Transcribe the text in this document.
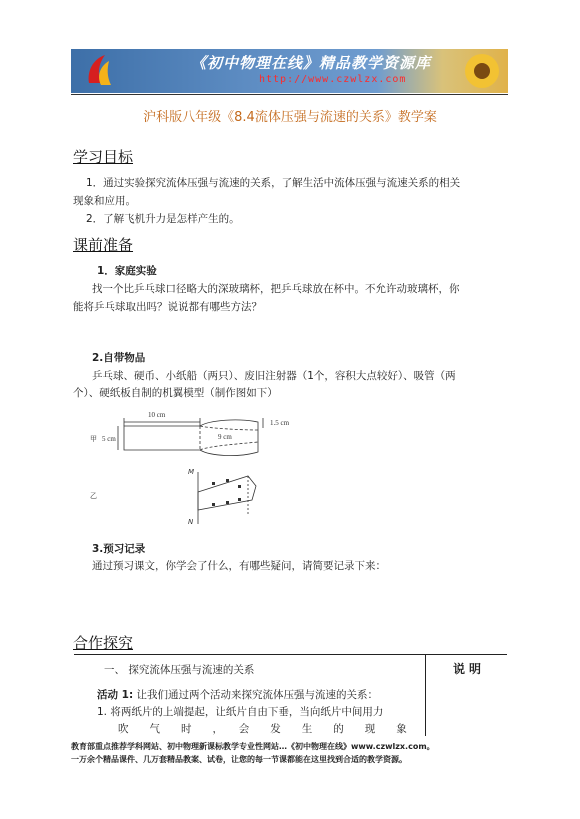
《初中物理在线》精品教学资源库
http://www.czwlzx.com
沪科版八年级《8.4流体压强与流速的关系》教学案
学习目标
1．通过实验探究流体压强与流速的关系，了解生活中流体压强与流速关系的相关
现象和应用。
2．了解飞机升力是怎样产生的。
课前准备
1．家庭实验
找一个比乒乓球口径略大的深玻璃杯，把乒乓球放在杯中。不允许动玻璃杯，你
能将乒乓球取出吗？说说都有哪些方法？
2.自带物品
乒乓球、硬币、小纸船（两只）、废旧注射器（1个，容积大点较好）、吸管（两
个）、硬纸板自制的机翼模型（制作图如下）
10 cm
9 cm
1.5 cm
5 cm
甲
乙
M
N
3.预习记录
通过预习课文，你学会了什么，有哪些疑问，请简要记录下来：
合作探究
说明
一、 探究流体压强与流速的关系
活动 1: 让我们通过两个活动来探究流体压强与流速的关系：
1. 将两纸片的上端提起，让纸片自由下垂，当向纸片中间用力
吹　　气　　时　　，　　会　　发　　生　　的　　现　　象
教育部重点推荐学科网站、初中物理新课标教学专业性网站…《初中物理在线》www.czwlzx.com。
一万余个精品课件、几万套精品教案、试卷，让您的每一节课都能在这里找到合适的教学资源。
